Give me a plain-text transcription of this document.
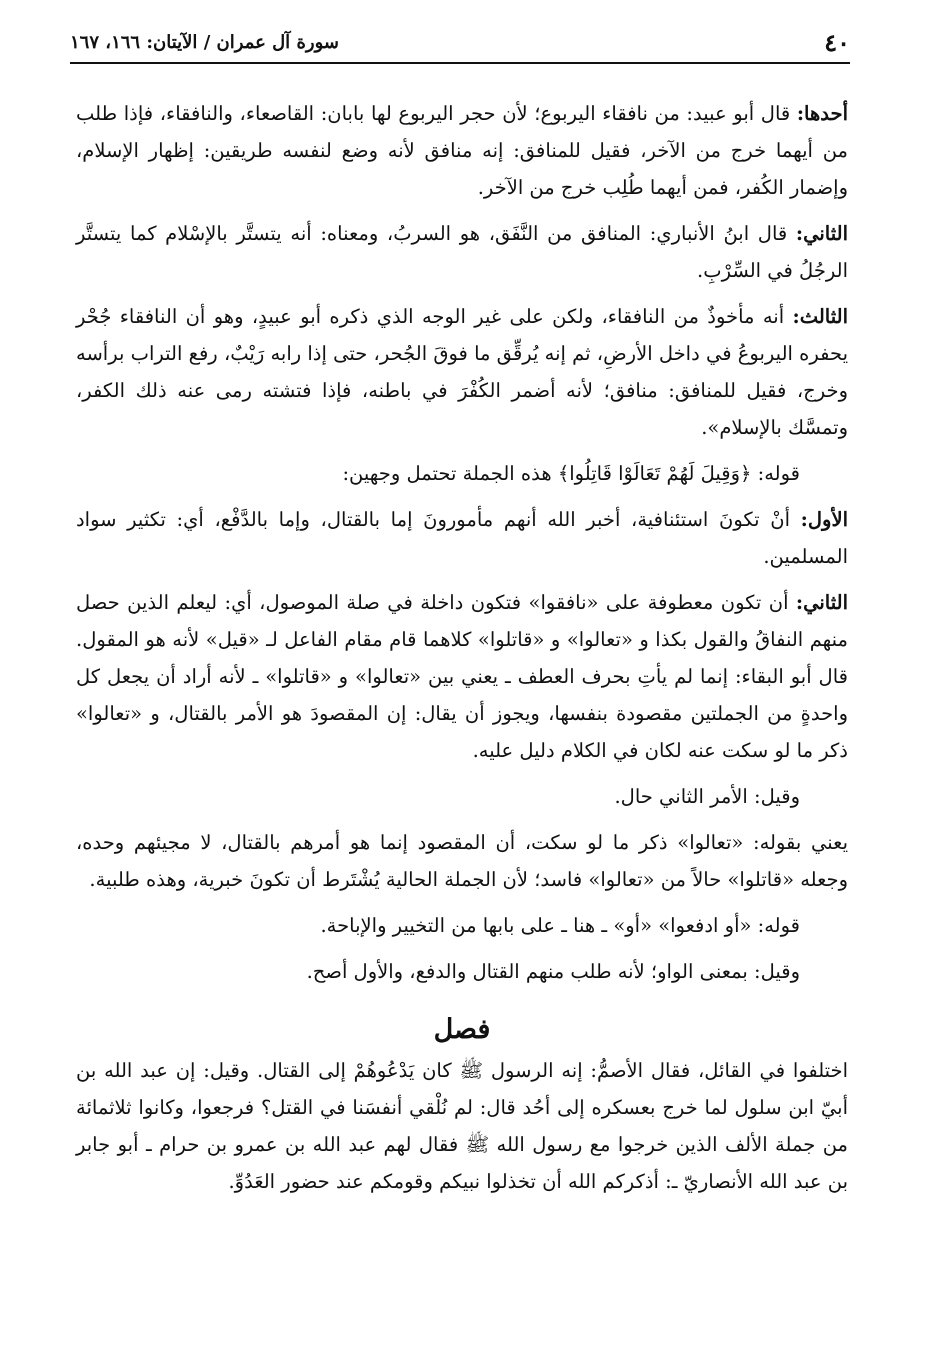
٤٠
سورة آل عمران / الآيتان: ١٦٦، ١٦٧

أحدها: قال أبو عبيد: من نافقاء اليربوع؛ لأن حجر اليربوع لها بابان: القاصعاء، والنافقاء، فإذا طلب من أيهما خرج من الآخر، فقيل للمنافق: إنه منافق لأنه وضع لنفسه طريقين: إظهار الإسلام، وإضمار الكُفر، فمن أيهما طُلِب خرج من الآخر.

الثاني: قال ابنُ الأنباري: المنافق من النَّفَق، هو السربُ، ومعناه: أنه يتستَّر بالإسْلام كما يتستَّر الرجُلُ في السِّرْبِ.

الثالث: أنه مأخوذٌ من النافقاء، ولكن على غير الوجه الذي ذكره أبو عبيدٍ، وهو أن النافقاء جُحْر يحفره اليربوعُ في داخل الأرضِ، ثم إنه يُرقِّق ما فوقَ الجُحر، حتى إذا رابه رَيْبٌ، رفع التراب برأسه وخرج، فقيل للمنافق: منافق؛ لأنه أضمر الكُفْرَ في باطنه، فإذا فتشته رمى عنه ذلك الكفر، وتمسَّك بالإسلام».

قوله: ﴿وَقِيلَ لَهُمْ تَعَالَوْا قَاتِلُوا﴾ هذه الجملة تحتمل وجهين:

الأول: أنْ تكونَ استئنافية، أخبر الله أنهم مأمورونَ إما بالقتال، وإما بالدَّفْع، أي: تكثير سواد المسلمين.

الثاني: أن تكون معطوفة على «نافقوا» فتكون داخلة في صلة الموصول، أي: ليعلم الذين حصل منهم النفاقُ والقول بكذا و «تعالوا» و «قاتلوا» كلاهما قام مقام الفاعل لـ «قيل» لأنه هو المقول. قال أبو البقاء: إنما لم يأتِ بحرف العطف ـ يعني بين «تعالوا» و «قاتلوا» ـ لأنه أراد أن يجعل كل واحدةٍ من الجملتين مقصودة بنفسها، ويجوز أن يقال: إن المقصودَ هو الأمر بالقتال، و «تعالوا» ذكر ما لو سكت عنه لكان في الكلام دليل عليه.

وقيل: الأمر الثاني حال.

يعني بقوله: «تعالوا» ذكر ما لو سكت، أن المقصود إنما هو أمرهم بالقتال، لا مجيئهم وحده، وجعله «قاتلوا» حالاً من «تعالوا» فاسد؛ لأن الجملة الحالية يُشْتَرط أن تكونَ خبرية، وهذه طلبية.

قوله: «أو ادفعوا» «أو» ـ هنا ـ على بابها من التخيير والإباحة.

وقيل: بمعنى الواو؛ لأنه طلب منهم القتال والدفع، والأول أصح.

فصل

اختلفوا في القائل، فقال الأصمُّ: إنه الرسول ﷺ كان يَدْعُوهُمْ إلى القتال. وقيل: إن عبد الله بن أبيّ ابن سلول لما خرج بعسكره إلى أحُد قال: لم نُلْقي أنفسَنا في القتل؟ فرجعوا، وكانوا ثلاثمائة من جملة الألف الذين خرجوا مع رسول الله ﷺ فقال لهم عبد الله بن عمرو بن حرام ـ أبو جابر بن عبد الله الأنصاريّ ـ: أذكركم الله أن تخذلوا نبيكم وقومكم عند حضور العَدُوِّ.
